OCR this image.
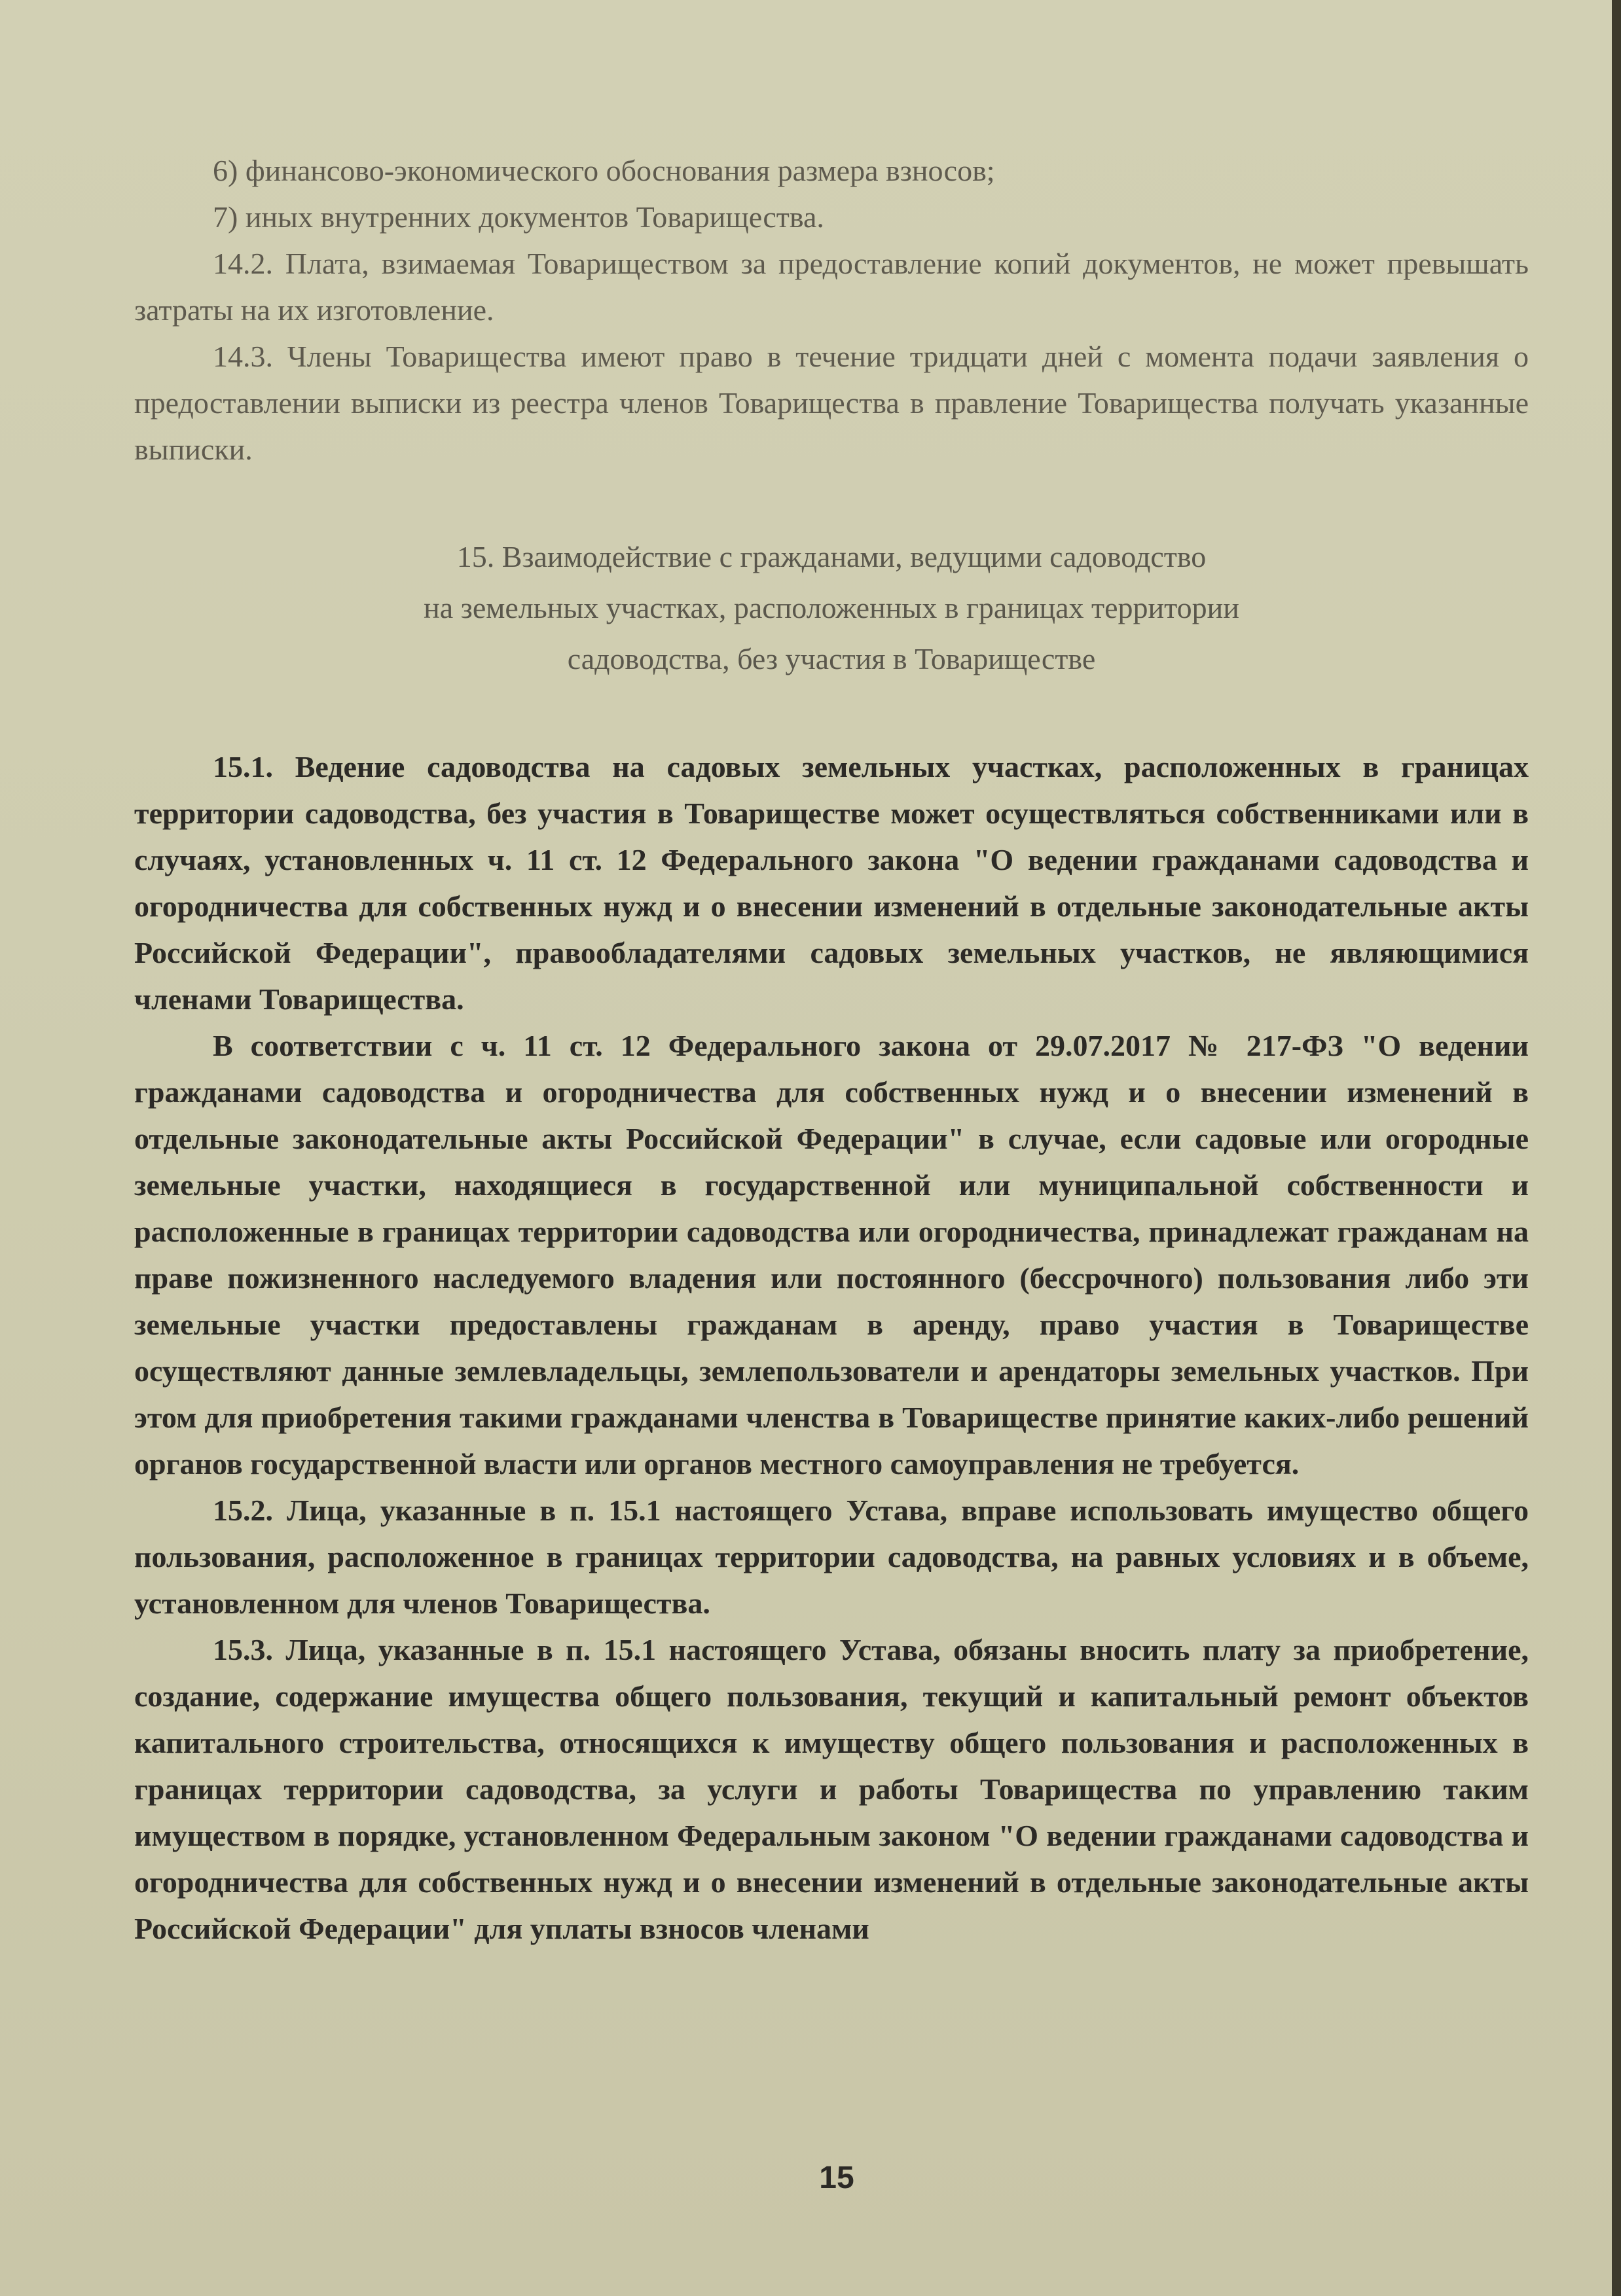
6) финансово-экономического обоснования размера взносов;

7) иных внутренних документов Товарищества.

14.2. Плата, взимаемая Товариществом за предоставление копий документов, не может превышать затраты на их изготовление.

14.3. Члены Товарищества имеют право в течение тридцати дней с момента подачи заявления о предоставлении выписки из реестра членов Товарищества в правление Товарищества получать указанные выписки.

15. Взаимодействие с гражданами, ведущими садоводство
на земельных участках, расположенных в границах территории
садоводства, без участия в Товариществе

15.1. Ведение садоводства на садовых земельных участках, расположенных в границах территории садоводства, без участия в Товариществе может осуществляться собственниками или в случаях, установленных ч. 11 ст. 12 Федерального закона "О ведении гражданами садоводства и огородничества для собственных нужд и о внесении изменений в отдельные законодательные акты Российской Федерации", правообладателями садовых земельных участков, не являющимися членами Товарищества.

В соответствии с ч. 11 ст. 12 Федерального закона от 29.07.2017 № 217-ФЗ "О ведении гражданами садоводства и огородничества для собственных нужд и о внесении изменений в отдельные законодательные акты Российской Федерации" в случае, если садовые или огородные земельные участки, находящиеся в государственной или муниципальной собственности и расположенные в границах территории садоводства или огородничества, принадлежат гражданам на праве пожизненного наследуемого владения или постоянного (бессрочного) пользования либо эти земельные участки предоставлены гражданам в аренду, право участия в Товариществе осуществляют данные землевладельцы, землепользователи и арендаторы земельных участков. При этом для приобретения такими гражданами членства в Товариществе принятие каких-либо решений органов государственной власти или органов местного самоуправления не требуется.

15.2. Лица, указанные в п. 15.1 настоящего Устава, вправе использовать имущество общего пользования, расположенное в границах территории садоводства, на равных условиях и в объеме, установленном для членов Товарищества.

15.3. Лица, указанные в п. 15.1 настоящего Устава, обязаны вносить плату за приобретение, создание, содержание имущества общего пользования, текущий и капитальный ремонт объектов капитального строительства, относящихся к имуществу общего пользования и расположенных в границах территории садоводства, за услуги и работы Товарищества по управлению таким имуществом в порядке, установленном Федеральным законом "О ведении гражданами садоводства и огородничества для собственных нужд и о внесении изменений в отдельные законодательные акты Российской Федерации" для уплаты взносов членами

15
